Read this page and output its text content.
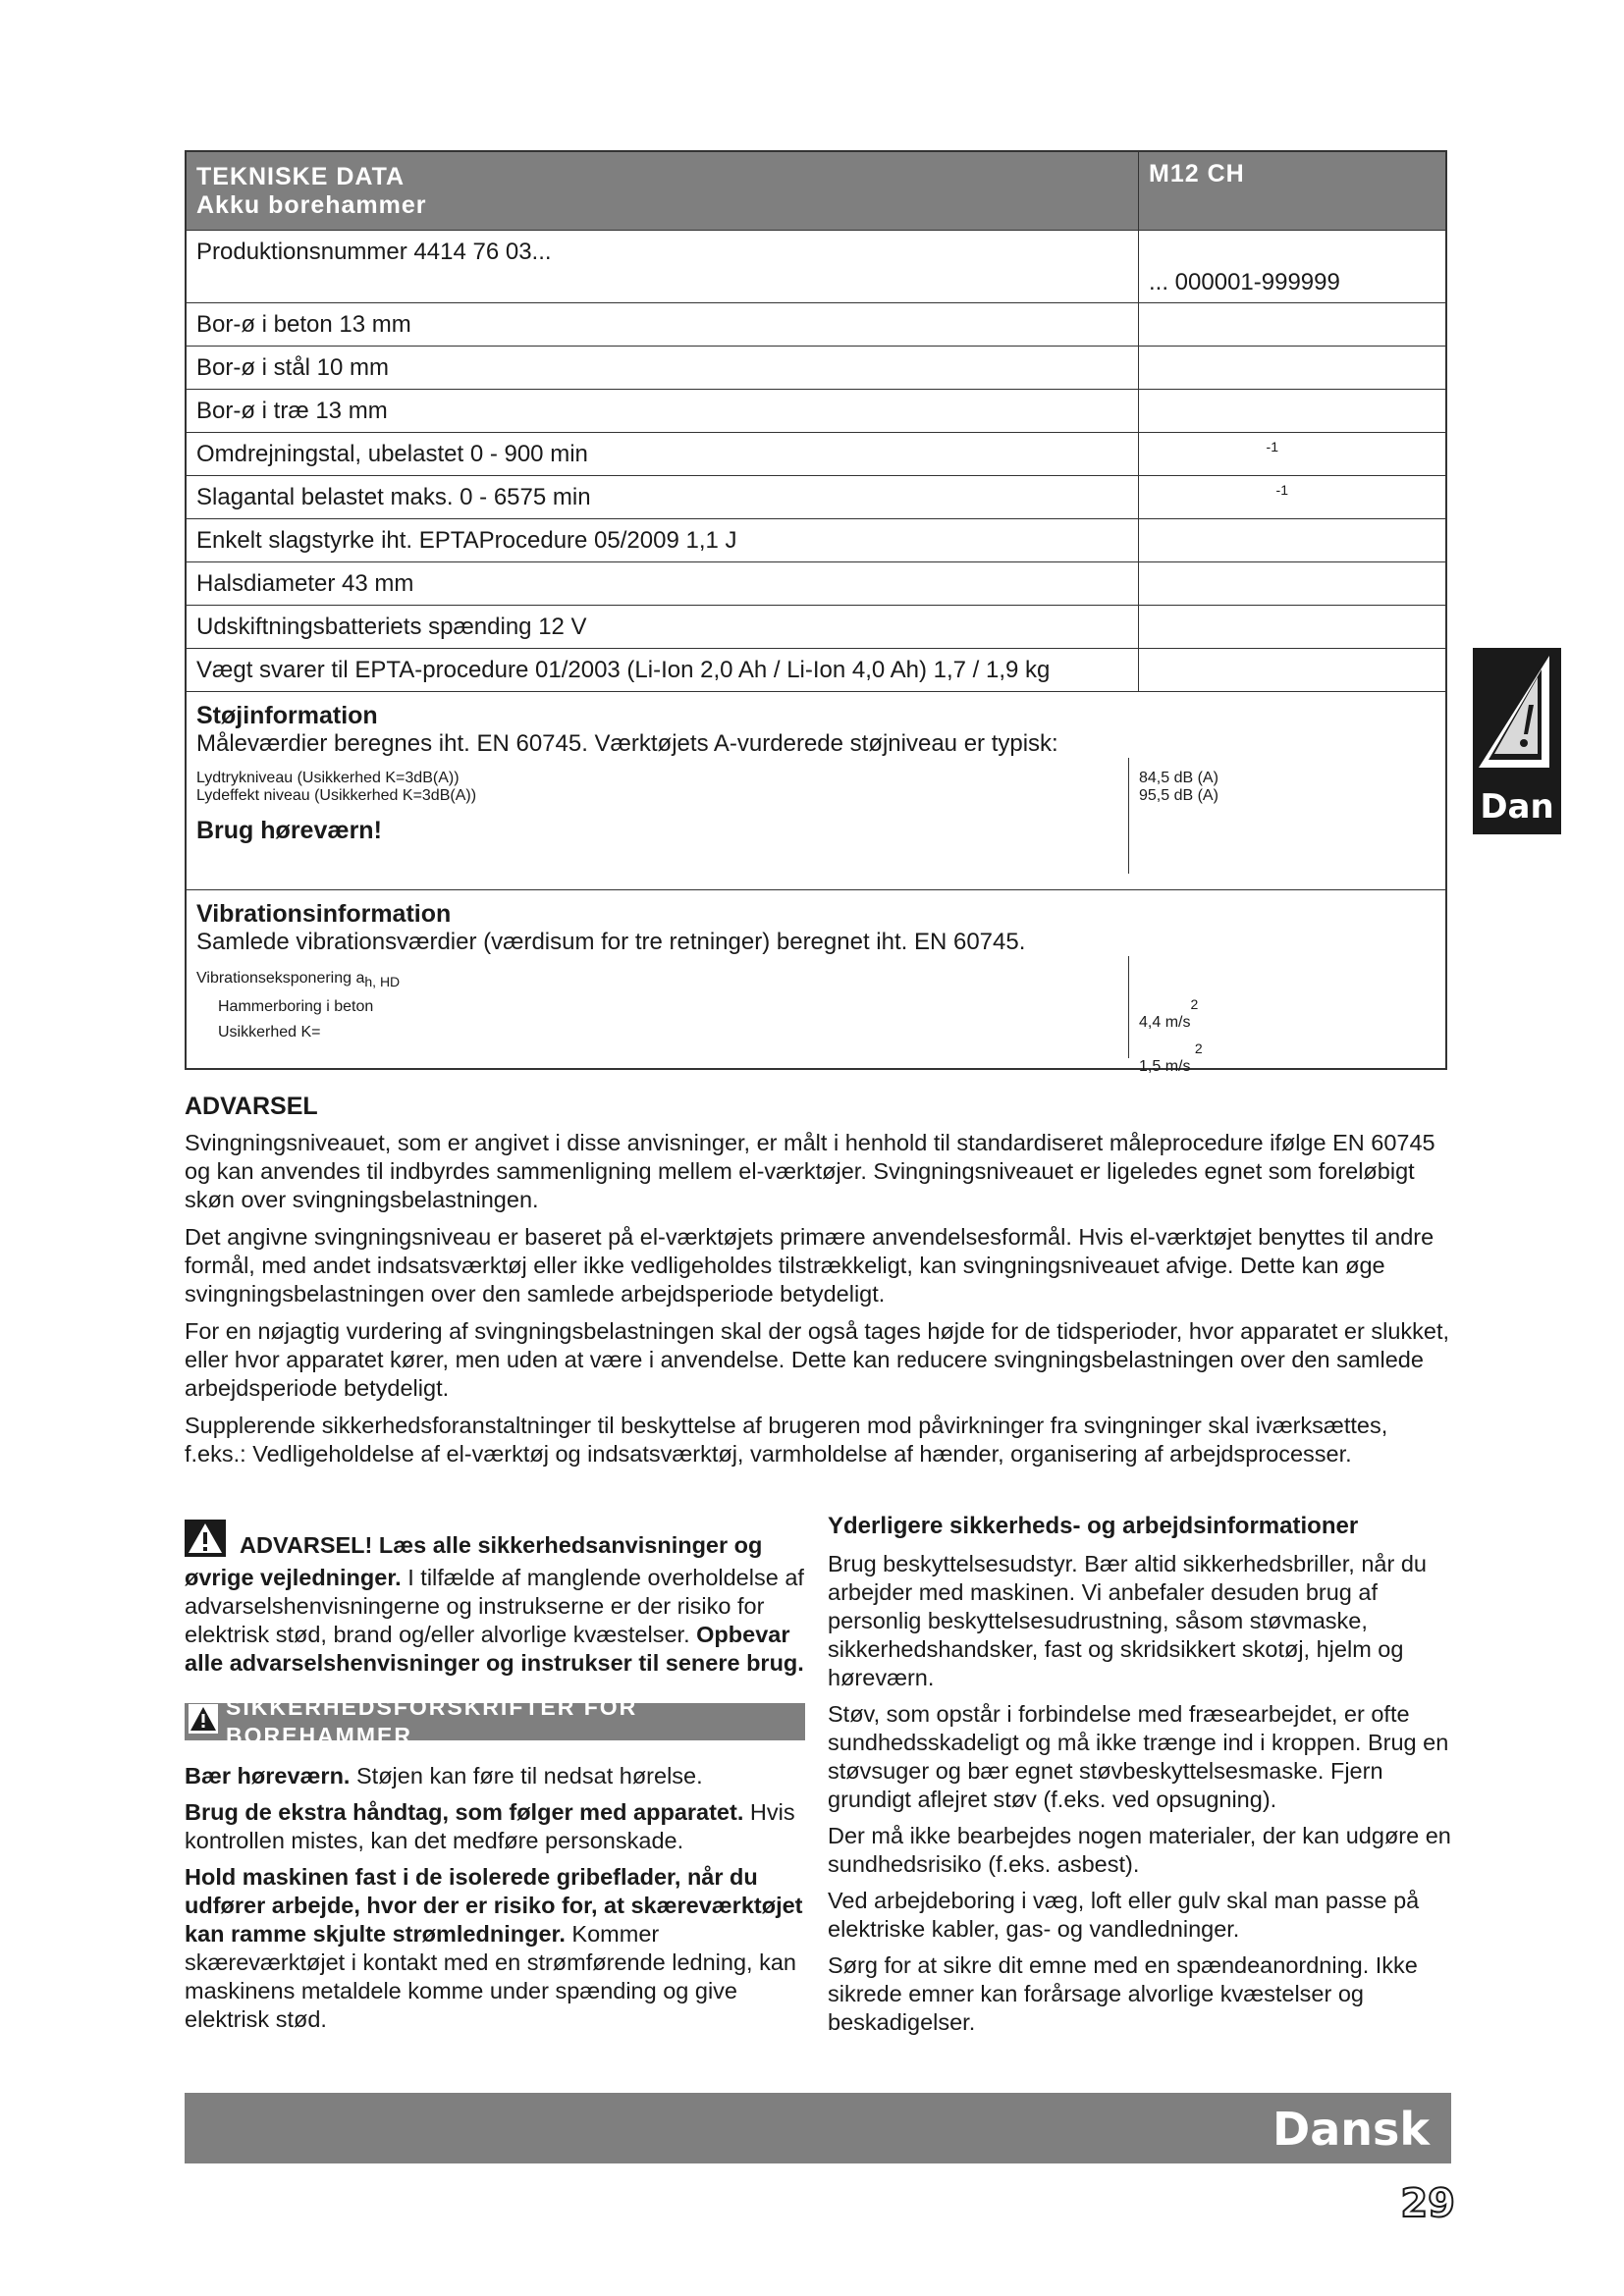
TEKNISKE DATA
Akku borehammer
M12 CH
Produktionsnummer 4414 76 03...
... 000001-999999
Bor-ø i beton 13 mm
Bor-ø i stål 10 mm
Bor-ø i træ 13 mm
Omdrejningstal, ubelastet 0 - 900 min	-1
Slagantal belastet maks. 0 - 6575 min	-1
Enkelt slagstyrke iht. EPTAProcedure 05/2009 1,1 J
Halsdiameter 43 mm
Udskiftningsbatteriets spænding 12 V
Vægt svarer til EPTA-procedure 01/2003 (Li-Ion 2,0 Ah / Li-Ion 4,0 Ah) 1,7 / 1,9 kg
Støjinformation
Måleværdier beregnes iht. EN 60745. Værktøjets A-vurderede støjniveau er typisk:
Lydtrykniveau (Usikkerhed K=3dB(A))
Lydeffekt niveau (Usikkerhed K=3dB(A))
Brug høreværn!
84,5 dB (A)
95,5 dB (A)
Vibrationsinformation
Samlede vibrationsværdier (værdisum for tre retninger) beregnet iht. EN 60745.
Vibrationseksponering $a_{h, HD}$
Hammerboring i beton
Usikkerhed K=
4,4 $m/s^2$
1,5 m/s $^2$
ADVARSEL

Svingningsniveauet, som er angivet i disse anvisninger, er målt i henhold til standardiseret måleprocedure ifølge EN 60745 og kan anvendes til indbyrdes sammenligning mellem el-værktøjer. Svingningsniveauet er ligeledes egnet som foreløbigt skøn over svingningsbelastningen.

Det angivne svingningsniveau er baseret på el-værktøjets primære anvendelsesformål. Hvis el-værktøjet benyttes til andre formål, med andet indsatsværktøj eller ikke vedligeholdes tilstrækkeligt, kan svingningsniveauet afvige. Dette kan øge svingningsbelastningen over den samlede arbejdsperiode betydeligt.

For en nøjagtig vurdering af svingningsbelastningen skal der også tages højde for de tidsperioder, hvor apparatet er slukket, eller hvor apparatet kører, men uden at være i anvendelse. Dette kan reducere svingningsbelastningen over den samlede arbejdsperiode betydeligt.

Supplerende sikkerhedsforanstaltninger til beskyttelse af brugeren mod påvirkninger fra svingninger skal iværksættes, f.eks.: Vedligeholdelse af el-værktøj og indsatsværktøj, varmholdelse af hænder, organisering af arbejdsprocesser.

ADVARSEL! Læs alle sikkerhedsanvisninger og øvrige vejledninger. I tilfælde af manglende overholdelse af advarselshenvisningerne og instrukserne er der risiko for elektrisk stød, brand og/eller alvorlige kvæstelser. Opbevar alle advarselshenvisninger og instrukser til senere brug.

SIKKERHEDSFORSKRIFTER FOR BOREHAMMER

Bær høreværn. Støjen kan føre til nedsat hørelse.

Brug de ekstra håndtag, som følger med apparatet. Hvis kontrollen mistes, kan det medføre personskade.

Hold maskinen fast i de isolerede gribeflader, når du udfører arbejde, hvor der er risiko for, at skæreværktøjet kan ramme skjulte strømledninger. Kommer skæreværktøjet i kontakt med en strømførende ledning, kan maskinens metaldele komme under spænding og give elektrisk stød.

Yderligere sikkerheds- og arbejdsinformationer

Brug beskyttelsesudstyr. Bær altid sikkerhedsbriller, når du arbejder med maskinen. Vi anbefaler desuden brug af personlig beskyttelsesudrustning, såsom støvmaske, sikkerhedshandsker, fast og skridsikkert skotøj, hjelm og høreværn.

Støv, som opstår i forbindelse med fræsearbejdet, er ofte sundhedsskadeligt og må ikke trænge ind i kroppen. Brug en støvsuger og bær egnet støvbeskyttelsesmaske. Fjern grundigt aflejret støv (f.eks. ved opsugning).

Der må ikke bearbejdes nogen materialer, der kan udgøre en sundhedsrisiko (f.eks. asbest).

Ved arbejdeboring i væg, loft eller gulv skal man passe på elektriske kabler, gas- og vandledninger.

Sørg for at sikre dit emne med en spændeanordning. Ikke sikrede emner kan forårsage alvorlige kvæstelser og beskadigelser.

Dan
Dansk
29
